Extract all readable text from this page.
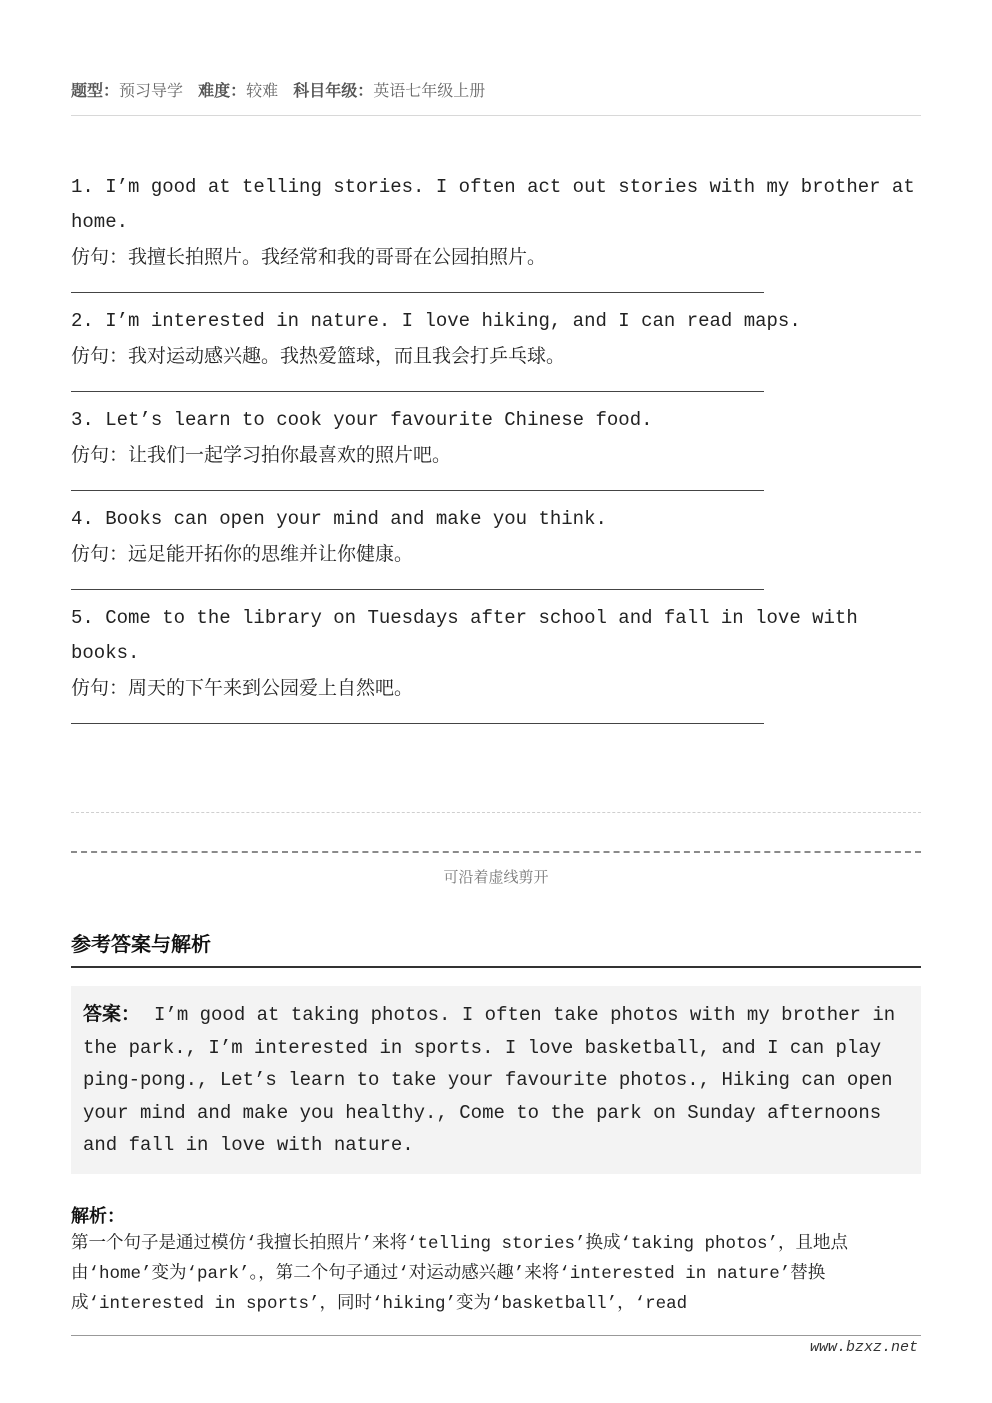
题型：预习导学 难度：较难 科目年级：英语七年级上册
1. I’m good at telling stories. I often act out stories with my brother at home.
仿句：我擅长拍照片。我经常和我的哥哥在公园拍照片。
2. I’m interested in nature. I love hiking, and I can read maps.
仿句：我对运动感兴趣。我热爱篮球，而且我会打乒乓球。
3. Let’s learn to cook your favourite Chinese food.
仿句：让我们一起学习拍你最喜欢的照片吧。
4. Books can open your mind and make you think.
仿句：远足能开拓你的思维并让你健康。
5. Come to the library on Tuesdays after school and fall in love with books.
仿句：周天的下午来到公园爱上自然吧。
可沿着虚线剪开
参考答案与解析
答案： I’m good at taking photos. I often take photos with my brother in the park., I’m interested in sports. I love basketball, and I can play ping-pong., Let’s learn to take your favourite photos., Hiking can open your mind and make you healthy., Come to the park on Sunday afternoons and fall in love with nature.
解析：
第一个句子是通过模仿‘我擅长拍照片’来将‘telling stories’换成‘taking photos’，且地点由‘home’变为‘park’。，第二个句子通过‘对运动感兴趣’来将‘interested in nature’替换成‘interested in sports’，同时‘hiking’变为‘basketball’，‘read
www.bzxz.net
